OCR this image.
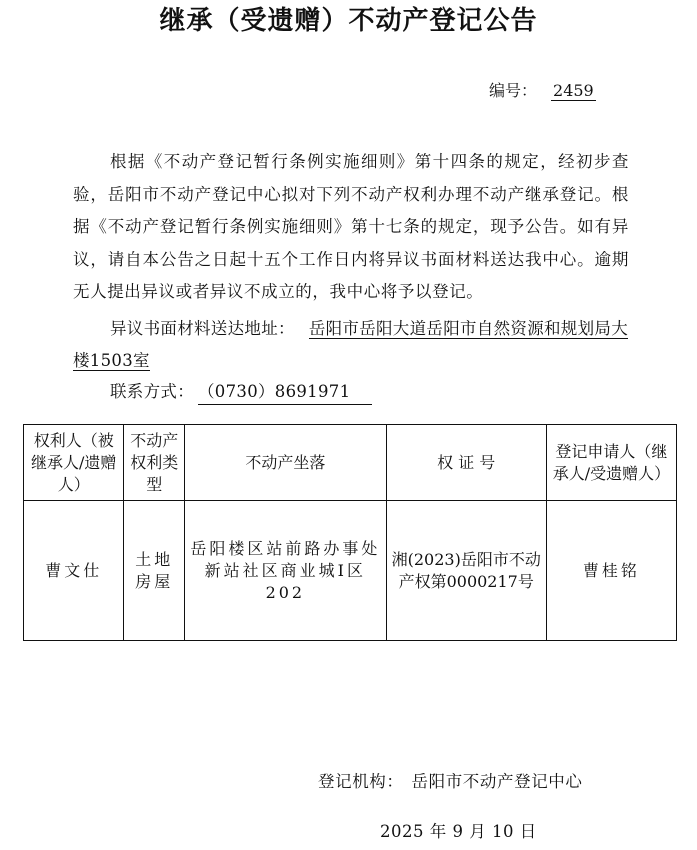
继承（受遗赠）不动产登记公告
编号： 2459

根据《不动产登记暂行条例实施细则》第十四条的规定，经初步查验，岳阳市不动产登记中心拟对下列不动产权利办理不动产继承登记。根据《不动产登记暂行条例实施细则》第十七条的规定，现予公告。如有异议，请自本公告之日起十五个工作日内将异议书面材料送达我中心。逾期无人提出异议或者异议不成立的，我中心将予以登记。

异议书面材料送达地址： 岳阳市岳阳大道岳阳市自然资源和规划局大楼1503室

联系方式： （0730）8691971
权利人（被继承人/遗赠人）	不动产权利类型	不动产坐落	权 证 号	登记申请人（继承人/受遗赠人）
曹文仕	土地房屋	岳阳楼区站前路办事处新站社区商业城Ⅰ区202	湘(2023)岳阳市不动产权第0000217号	曹桂铭
登记机构： 岳阳市不动产登记中心
2025 年 9 月 10 日
